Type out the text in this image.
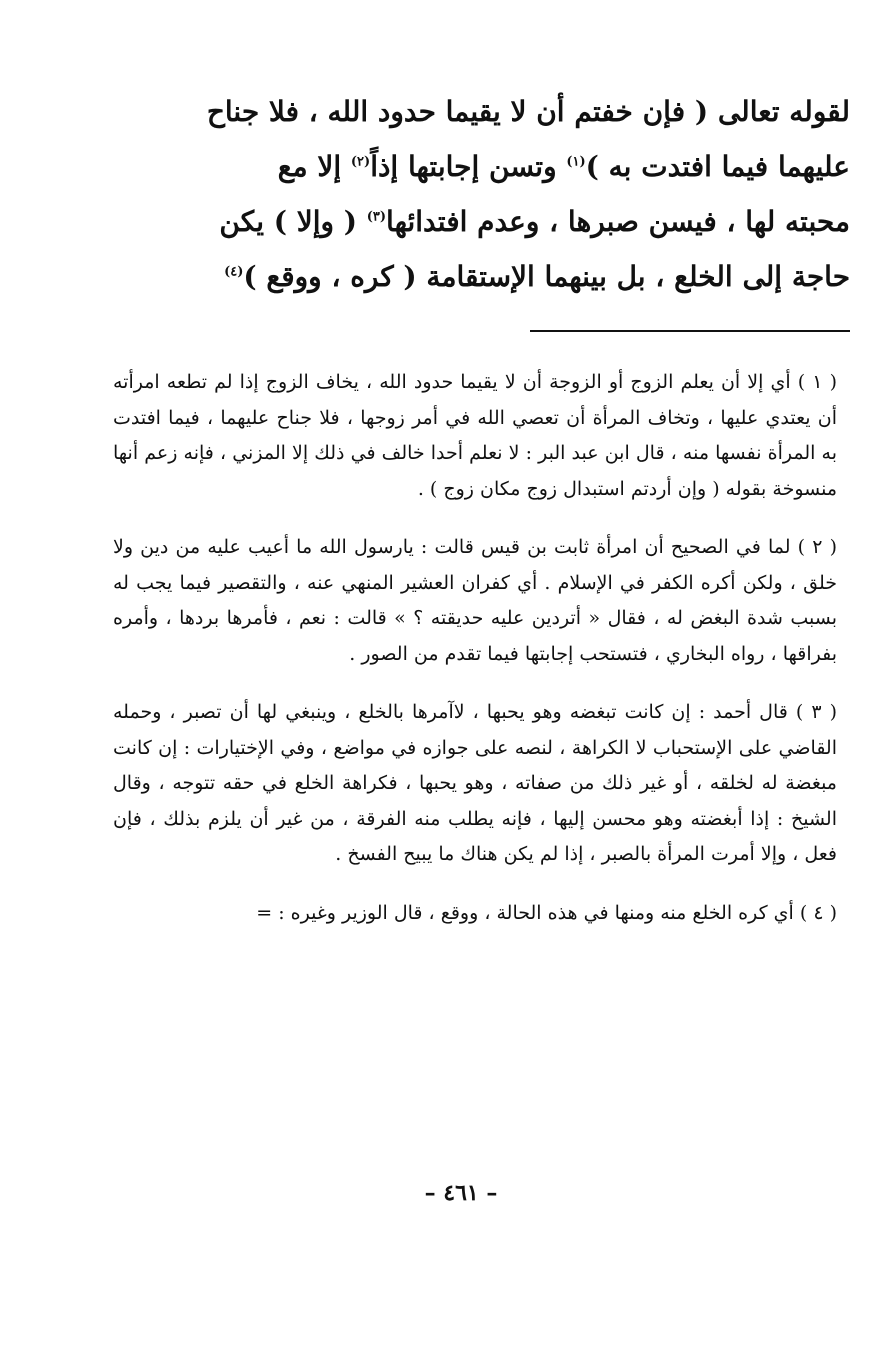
لقوله تعالى ( فإن خفتم أن لا يقيما حدود الله ، فلا جناح

عليهما فيما افتدت به )$^{(١)}$ وتسن إجابتها إذاً$^{(٢)}$ إلا مع

محبته لها ، فيسن صبرها ، وعدم افتدائها$^{(٣)}$ ( وإلا ) يكن

حاجة إلى الخلع ، بل بينهما الإستقامة ( كره ، ووقع )$^{(٤)}$

( ١ ) أي إلا أن يعلم الزوج أو الزوجة أن لا يقيما حدود الله ، يخاف الزوج إذا لم تطعه امرأته أن يعتدي عليها ، وتخاف المرأة أن تعصي الله في أمر زوجها ، فلا جناح عليهما ، فيما افتدت به المرأة نفسها منه ، قال ابن عبد البر : لا نعلم أحدا خالف في ذلك إلا المزني ، فإنه زعم أنها منسوخة بقوله ( وإن أردتم استبدال زوج مكان زوج ) .

( ٢ ) لما في الصحيح أن امرأة ثابت بن قيس قالت : يارسول الله ما أعيب عليه من دين ولا خلق ، ولكن أكره الكفر في الإسلام . أي كفران العشير المنهي عنه ، والتقصير فيما يجب له بسبب شدة البغض له ، فقال « أتردين عليه حديقته ؟ » قالت : نعم ، فأمرها بردها ، وأمره بفراقها ، رواه البخاري ، فتستحب إجابتها فيما تقدم من الصور .

( ٣ ) قال أحمد : إن كانت تبغضه وهو يحبها ، لاآمرها بالخلع ، وينبغي لها أن تصبر ، وحمله القاضي على الإستحباب لا الكراهة ، لنصه على جوازه في مواضع ، وفي الإختيارات : إن كانت مبغضة له لخلقه ، أو غير ذلك من صفاته ، وهو يحبها ، فكراهة الخلع في حقه تتوجه ، وقال الشيخ : إذا أبغضته وهو محسن إليها ، فإنه يطلب منه الفرقة ، من غير أن يلزم بذلك ، فإن فعل ، وإلا أمرت المرأة بالصبر ، إذا لم يكن هناك ما يبيح الفسخ .

( ٤ ) أي كره الخلع منه ومنها في هذه الحالة ، ووقع ، قال الوزير وغيره : =

– ٤٦١ –
